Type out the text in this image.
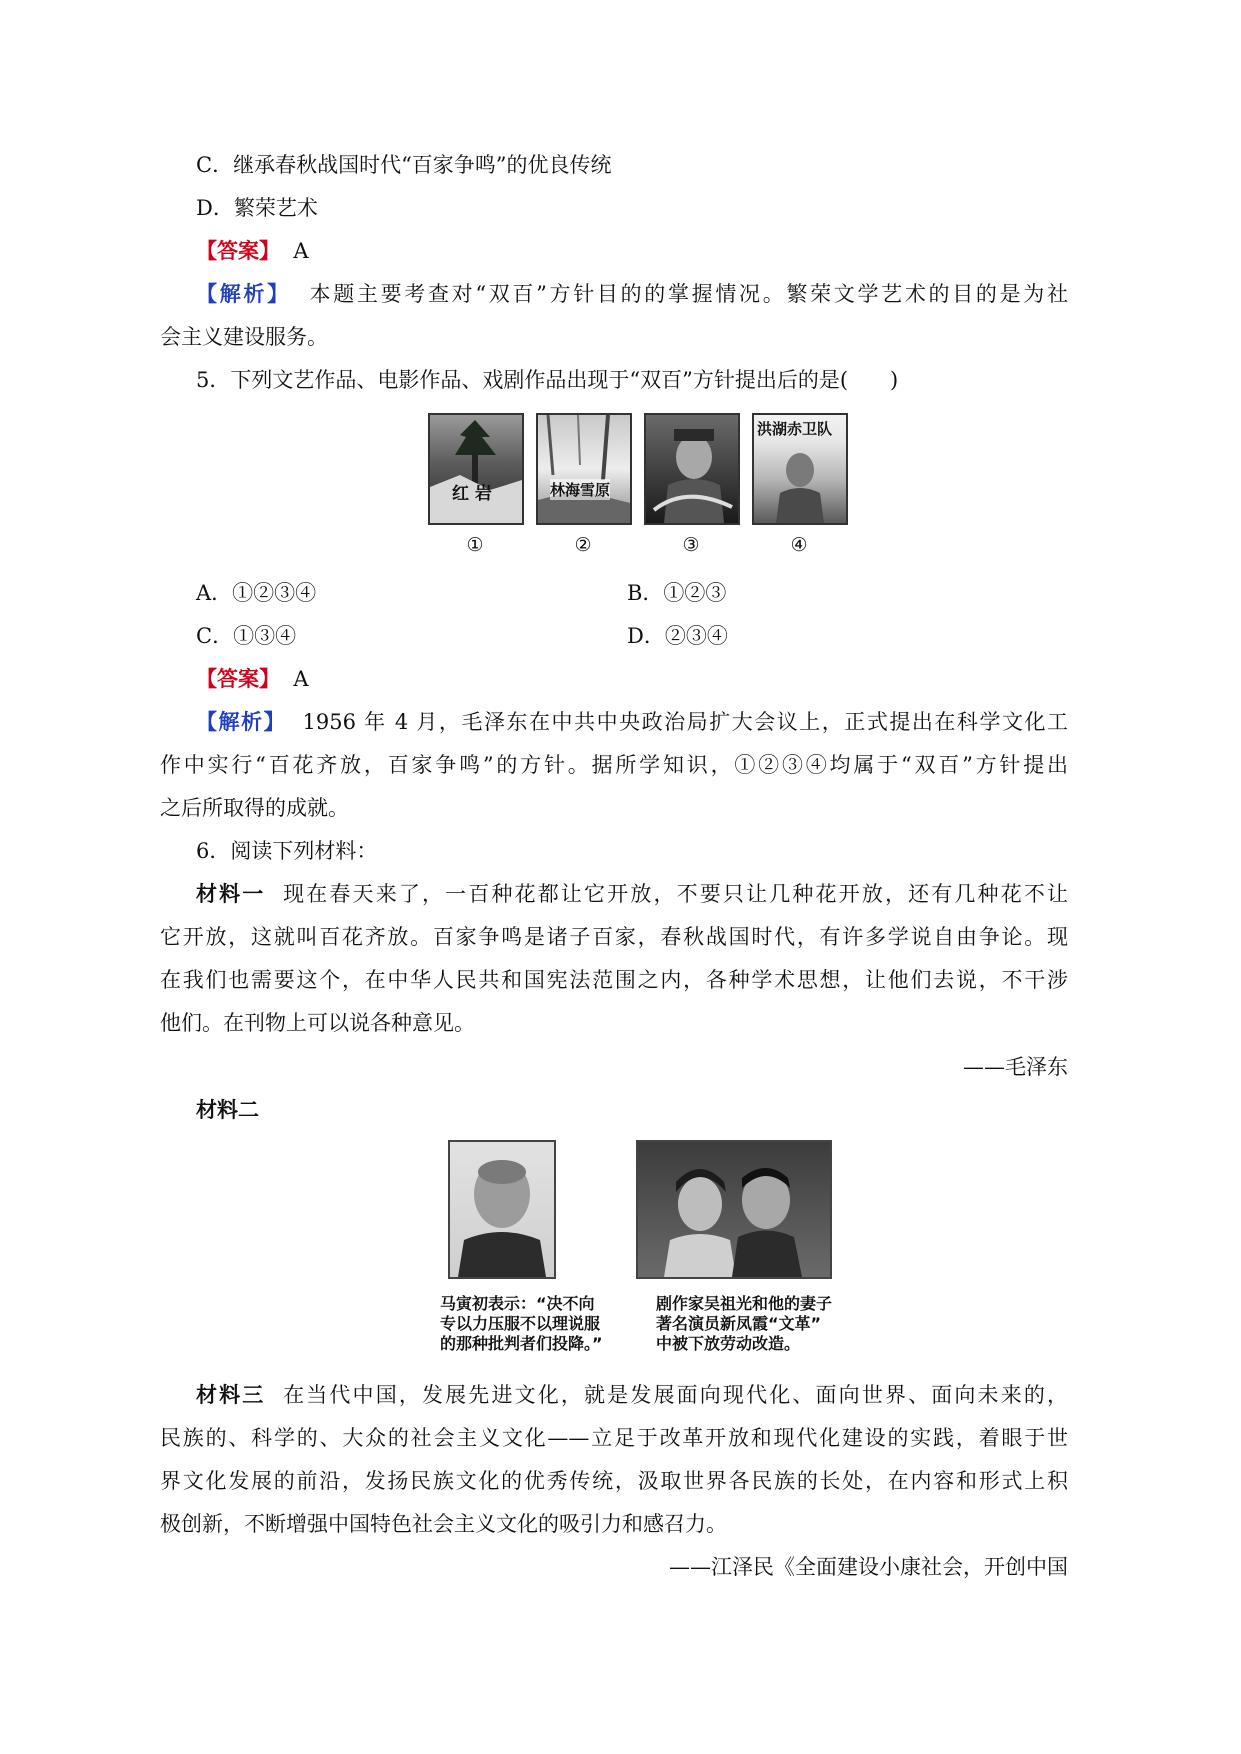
C．继承春秋战国时代“百家争鸣”的优良传统
D．繁荣艺术
【答案】 A
【解析】 本题主要考查对“双百”方针目的的掌握情况。繁荣文学艺术的目的是为社
会主义建设服务。
5．下列文艺作品、电影作品、戏剧作品出现于“双百”方针提出后的是(　　)
红 岩	林海雪原
洪湖赤卫队
①	②	③	④
A．①②③④	B．①②③
C．①③④	D．②③④
【答案】 A
【解析】 1956 年 4 月，毛泽东在中共中央政治局扩大会议上，正式提出在科学文化工
作中实行“百花齐放，百家争鸣”的方针。据所学知识，①②③④均属于“双百”方针提出
之后所取得的成就。
6．阅读下列材料：
材料一 现在春天来了，一百种花都让它开放，不要只让几种花开放，还有几种花不让
它开放，这就叫百花齐放。百家争鸣是诸子百家，春秋战国时代，有许多学说自由争论。现
在我们也需要这个，在中华人民共和国宪法范围之内，各种学术思想，让他们去说，不干涉
他们。在刊物上可以说各种意见。
——毛泽东
材料二
马寅初表示：“决不向
专以力压服不以理说服
的那种批判者们投降。”
剧作家吴祖光和他的妻子
著名演员新凤霞“文革”
中被下放劳动改造。
材料三 在当代中国，发展先进文化，就是发展面向现代化、面向世界、面向未来的，
民族的、科学的、大众的社会主义文化——立足于改革开放和现代化建设的实践，着眼于世
界文化发展的前沿，发扬民族文化的优秀传统，汲取世界各民族的长处，在内容和形式上积
极创新，不断增强中国特色社会主义文化的吸引力和感召力。
——江泽民《全面建设小康社会，开创中国
